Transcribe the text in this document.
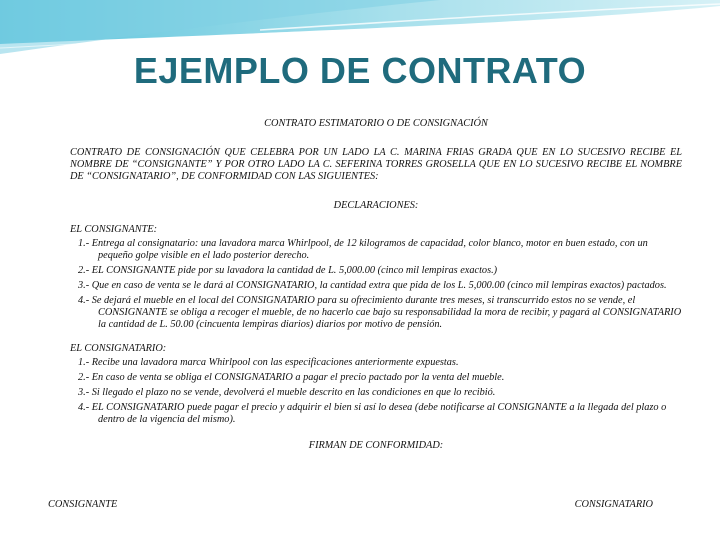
EJEMPLO DE CONTRATO
CONTRATO ESTIMATORIO O DE CONSIGNACIÓN
CONTRATO DE CONSIGNACIÓN QUE CELEBRA POR UN LADO LA C. MARINA FRIAS GRADA QUE EN LO SUCESIVO RECIBE EL NOMBRE DE “CONSIGNANTE” Y POR OTRO LADO LA C. SEFERINA TORRES GROSELLA QUE EN LO SUCESIVO RECIBE EL NOMBRE DE “CONSIGNATARIO”, DE CONFORMIDAD CON LAS SIGUIENTES:
DECLARACIONES:
EL CONSIGNANTE:
1.- Entrega al consignatario: una lavadora marca Whirlpool, de 12 kilogramos de capacidad, color blanco, motor en buen estado, con un pequeño golpe visible en el lado posterior derecho.
2.- EL CONSIGNANTE pide por su lavadora la cantidad de L. 5,000.00 (cinco mil lempiras exactos.)
3.- Que en caso de venta se le dará al CONSIGNATARIO, la cantidad extra que pida de los L. 5,000.00 (cinco mil lempiras exactos) pactados.
4.- Se dejará el mueble en el local del CONSIGNATARIO para su ofrecimiento durante tres meses, si transcurrido estos no se vende, el CONSIGNANTE se obliga a recoger el mueble, de no hacerlo cae bajo su responsabilidad la mora de recibir, y pagará al CONSIGNATARIO la cantidad de L. 50.00 (cincuenta lempiras diarios) diarios por motivo de pensión.
EL CONSIGNATARIO:
1.- Recibe una lavadora marca Whirlpool con las especificaciones anteriormente expuestas.
2.- En caso de venta se obliga el CONSIGNATARIO a pagar el precio pactado por la venta del mueble.
3.- Si llegado el plazo no se vende, devolverá el mueble descrito en las condiciones en que lo recibió.
4.- EL CONSIGNATARIO puede pagar el precio y adquirir el bien si así lo desea (debe notificarse al CONSIGNANTE a la llegada del plazo o dentro de la vigencia del mismo).
FIRMAN DE CONFORMIDAD:
CONSIGNANTE	CONSIGNATARIO
